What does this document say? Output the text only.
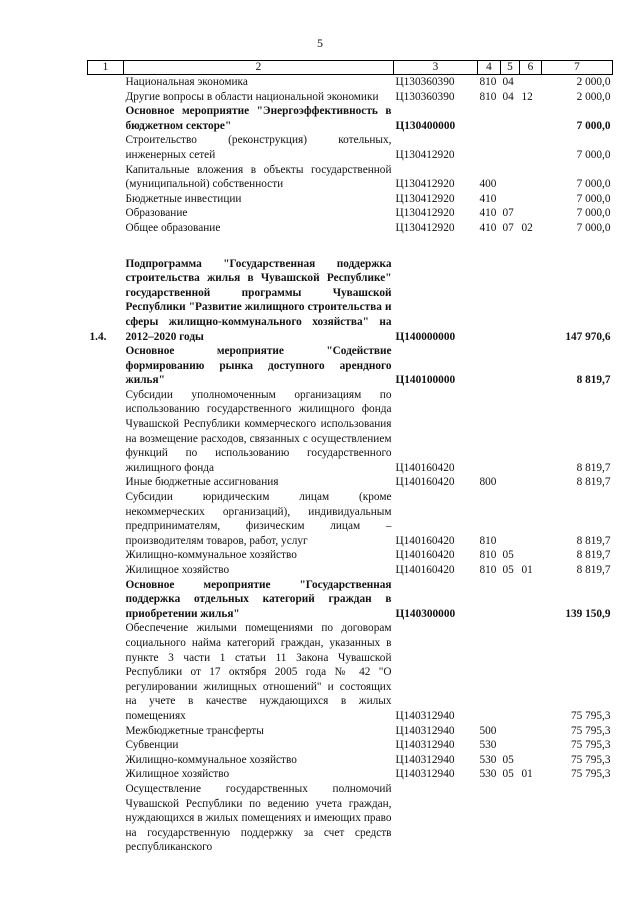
5
1	2	3	4	5	6	7
	Национальная экономика	Ц130360390	810	04		2 000,0
	Другие вопросы в области национальной экономики	Ц130360390	810	04	12	2 000,0
	Основное мероприятие "Энергоэффективность в бюджетном секторе"	Ц130400000				7 000,0
	Строительство (реконструкция) котельных, инженерных сетей	Ц130412920				7 000,0
	Капитальные вложения в объекты государственной (муниципальной) собственности	Ц130412920	400			7 000,0
	Бюджетные инвестиции	Ц130412920	410			7 000,0
	Образование	Ц130412920	410	07		7 000,0
	Общее образование	Ц130412920	410	07	02	7 000,0

1.4.	Подпрограмма "Государственная поддержка строительства жилья в Чувашской Республике" государственной программы Чувашской Республики "Развитие жилищного строительства и сферы жилищно-коммунального хозяйства" на 2012–2020 годы	Ц140000000				147 970,6
	Основное мероприятие "Содействие формированию рынка доступного арендного жилья"	Ц140100000				8 819,7
	Субсидии уполномоченным организациям по использованию государственного жилищного фонда Чувашской Республики коммерческого использования на возмещение расходов, связанных с осуществлением функций по использованию государственного жилищного фонда	Ц140160420				8 819,7
	Иные бюджетные ассигнования	Ц140160420	800			8 819,7
	Субсидии юридическим лицам (кроме некоммерческих организаций), индивидуальным предпринимателям, физическим лицам – производителям товаров, работ, услуг	Ц140160420	810			8 819,7
	Жилищно-коммунальное хозяйство	Ц140160420	810	05		8 819,7
	Жилищное хозяйство	Ц140160420	810	05	01	8 819,7
	Основное мероприятие "Государственная поддержка отдельных категорий граждан в приобретении жилья"	Ц140300000				139 150,9
	Обеспечение жилыми помещениями по договорам социального найма категорий граждан, указанных в пункте 3 части 1 статьи 11 Закона Чувашской Республики от 17 октября 2005 года № 42 "О регулировании жилищных отношений" и состоящих на учете в качестве нуждающихся в жилых помещениях	Ц140312940				75 795,3
	Межбюджетные трансферты	Ц140312940	500			75 795,3
	Субвенции	Ц140312940	530			75 795,3
	Жилищно-коммунальное хозяйство	Ц140312940	530	05		75 795,3
	Жилищное хозяйство	Ц140312940	530	05	01	75 795,3
	Осуществление государственных полномочий Чувашской Республики по ведению учета граждан, нуждающихся в жилых помещениях и имеющих право на государственную поддержку за счет средств республиканского					
